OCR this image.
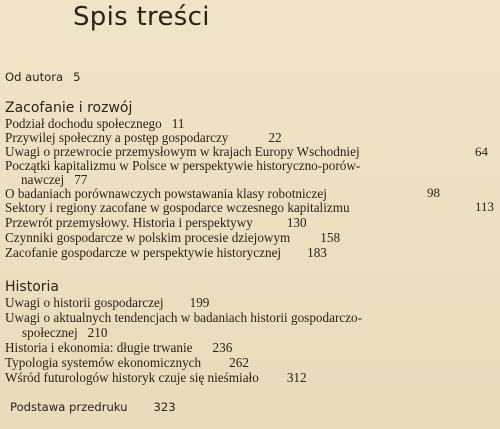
Spis treści
Od autora 5
Zacofanie i rozwój
Podział dochodu społecznego 11
Przywilej społeczny a postęp gospodarczy	22
Uwagi o przewrocie przemysłowym w krajach Europy Wschodniej	64
Początki kapitalizmu w Polsce w perspektywie historyczno-porów-
nawczej 77
O badaniach porównawczych powstawania klasy robotniczej	98
Sektory i regiony zacofane w gospodarce wczesnego kapitalizmu	113
Przewrót przemysłowy. Historia i perspektywy	130
Czynniki gospodarcze w polskim procesie dziejowym 158
Zacofanie gospodarcze w perspektywie historycznej 183
Historia
Uwagi o historii gospodarczej 199
Uwagi o aktualnych tendencjach w badaniach historii gospodarczo-
społecznej 210
Historia i ekonomia: długie trwanie 236
Typologia systemów ekonomicznych 262
Wśród futurologów historyk czuje się nieśmiało 312
Podstawa przedruku 323
